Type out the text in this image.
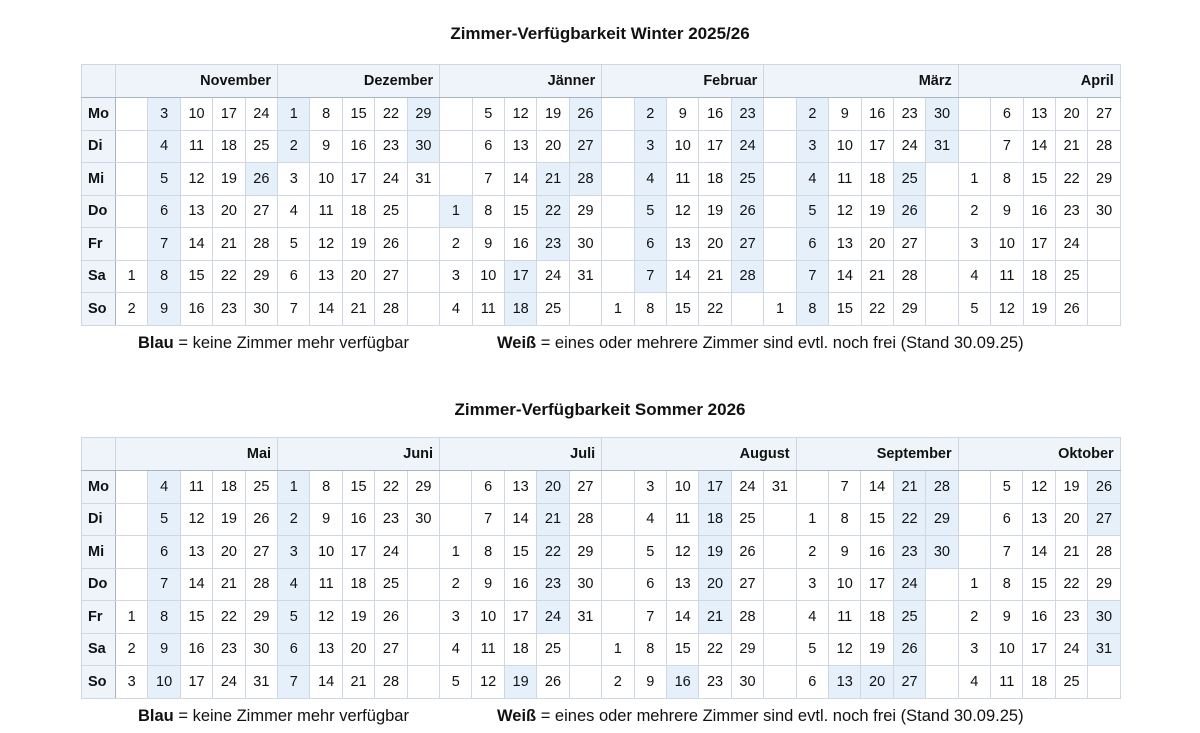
Zimmer-Verfügbarkeit Winter 2025/26
	November					Dezember					Jänner					Februar					März						April				
Mo		3	10	17	24	1	8	15	22	29		5	12	19	26		2	9	16	23		2	9	16	23	30		6	13	20	27
Di		4	11	18	25	2	9	16	23	30		6	13	20	27		3	10	17	24		3	10	17	24	31		7	14	21	28
Mi		5	12	19	26	3	10	17	24	31		7	14	21	28		4	11	18	25		4	11	18	25		1	8	15	22	29
Do		6	13	20	27	4	11	18	25		1	8	15	22	29		5	12	19	26		5	12	19	26		2	9	16	23	30
Fr		7	14	21	28	5	12	19	26		2	9	16	23	30		6	13	20	27		6	13	20	27		3	10	17	24	
Sa	1	8	15	22	29	6	13	20	27		3	10	17	24	31		7	14	21	28		7	14	21	28		4	11	18	25	
So	2	9	16	23	30	7	14	21	28		4	11	18	25		1	8	15	22		1	8	15	22	29		5	12	19	26	
Blau = keine Zimmer mehr verfügbar	Weiß = eines oder mehrere Zimmer sind evtl. noch frei (Stand 30.09.25)
Zimmer-Verfügbarkeit Sommer 2026
	Mai					Juni					Juli					August						September					Oktober				
Mo		4	11	18	25	1	8	15	22	29		6	13	20	27		3	10	17	24	31		7	14	21	28		5	12	19	26
Di		5	12	19	26	2	9	16	23	30		7	14	21	28		4	11	18	25		1	8	15	22	29		6	13	20	27
Mi		6	13	20	27	3	10	17	24		1	8	15	22	29		5	12	19	26		2	9	16	23	30		7	14	21	28
Do		7	14	21	28	4	11	18	25		2	9	16	23	30		6	13	20	27		3	10	17	24		1	8	15	22	29
Fr	1	8	15	22	29	5	12	19	26		3	10	17	24	31		7	14	21	28		4	11	18	25		2	9	16	23	30
Sa	2	9	16	23	30	6	13	20	27		4	11	18	25		1	8	15	22	29		5	12	19	26		3	10	17	24	31
So	3	10	17	24	31	7	14	21	28		5	12	19	26		2	9	16	23	30		6	13	20	27		4	11	18	25	
Blau = keine Zimmer mehr verfügbar	Weiß = eines oder mehrere Zimmer sind evtl. noch frei (Stand 30.09.25)
